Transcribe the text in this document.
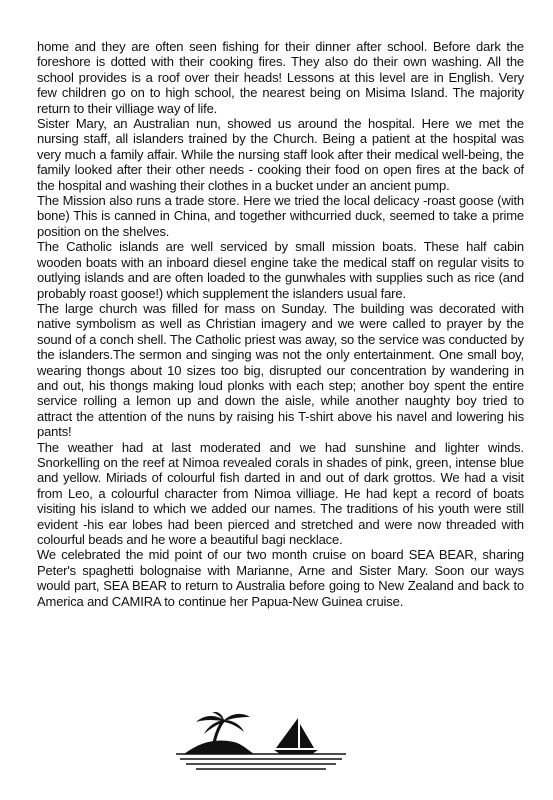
home and they are often seen fishing for their dinner after school. Before dark the foreshore is dotted with their cooking fires. They also do their own washing. All the school provides is a roof over their heads! Lessons at this level are in English. Very few children go on to high school, the nearest being on Misima Island. The majority return to their villiage way of life.

Sister Mary, an Australian nun, showed us around the hospital. Here we met the nursing staff, all islanders trained by the Church. Being a patient at the hospital was very much a family affair. While the nursing staff look after their medical well-being, the family looked after their other needs - cooking their food on open fires at the back of the hospital and washing their clothes in a bucket under an ancient pump.

The Mission also runs a trade store. Here we tried the local delicacy -roast goose (with bone) This is canned in China, and together withcurried duck, seemed to take a prime position on the shelves.

The Catholic islands are well serviced by small mission boats. These half cabin wooden boats with an inboard diesel engine take the medical staff on regular visits to outlying islands and are often loaded to the gunwhales with supplies such as rice (and probably roast goose!) which supplement the islanders usual fare.

The large church was filled for mass on Sunday. The building was decorated with native symbolism as well as Christian imagery and we were called to prayer by the sound of a conch shell. The Catholic priest was away, so the service was conducted by the islanders.The sermon and singing was not the only entertainment. One small boy, wearing thongs about 10 sizes too big, disrupted our concentration by wandering in and out, his thongs making loud plonks with each step; another boy spent the entire service rolling a lemon up and down the aisle, while another naughty boy tried to attract the attention of the nuns by raising his T-shirt above his navel and lowering his pants!

The weather had at last moderated and we had sunshine and lighter winds. Snorkelling on the reef at Nimoa revealed corals in shades of pink, green, intense blue and yellow. Miriads of colourful fish darted in and out of dark grottos. We had a visit from Leo, a colourful character from Nimoa villiage. He had kept a record of boats visiting his island to which we added our names. The traditions of his youth were still evident -his ear lobes had been pierced and stretched and were now threaded with colourful beads and he wore a beautiful bagi necklace.

We celebrated the mid point of our two month cruise on board SEA BEAR, sharing Peter's spaghetti bolognaise with Marianne, Arne and Sister Mary. Soon our ways would part, SEA BEAR to return to Australia before going to New Zealand and back to America and CAMIRA to continue her Papua-New Guinea cruise.
